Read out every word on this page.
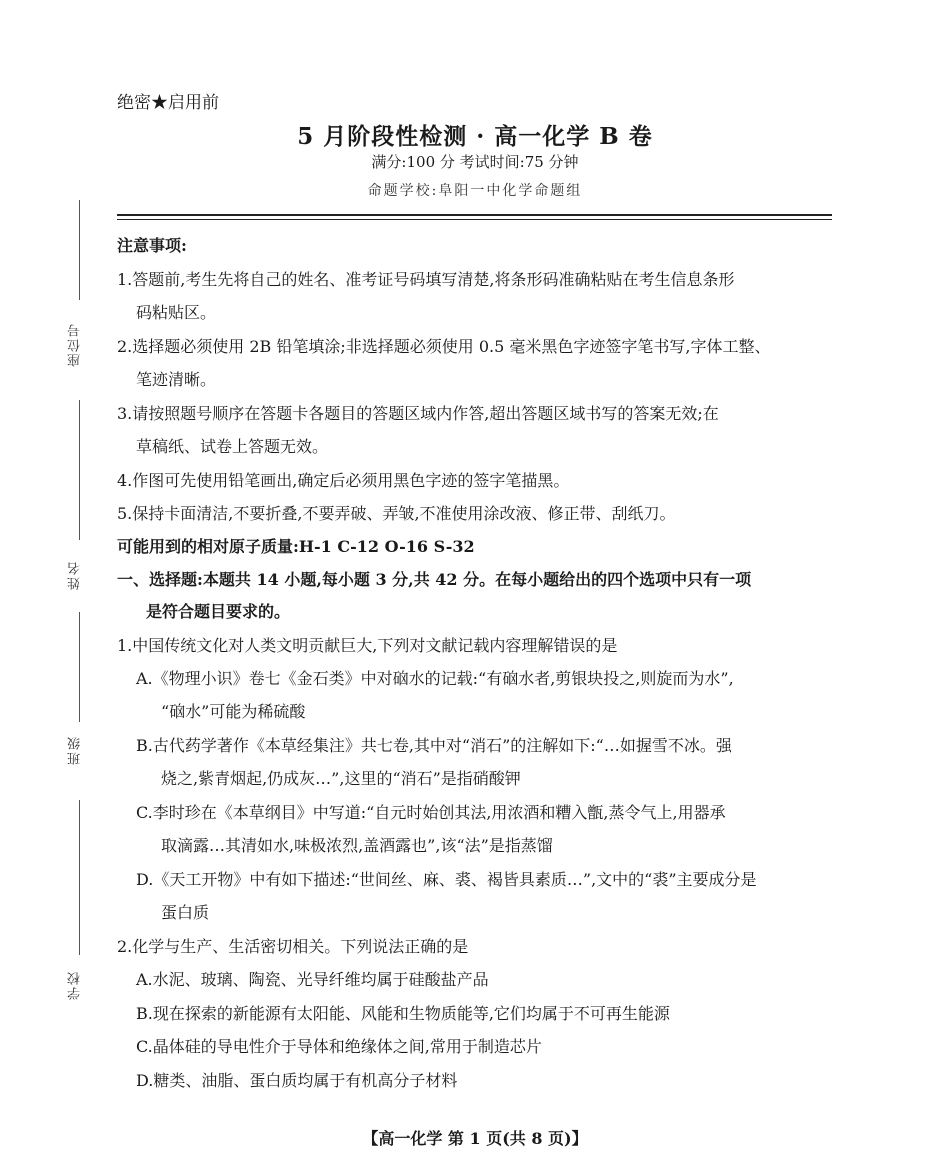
绝密★启用前
5 月阶段性检测 · 高一化学 B 卷
满分:100 分 考试时间:75 分钟
命题学校:阜阳一中化学命题组
座位号
姓名
班级
学校
注意事项:
1.答题前,考生先将自己的姓名、准考证号码填写清楚,将条形码准确粘贴在考生信息条形
码粘贴区。
2.选择题必须使用 2B 铅笔填涂;非选择题必须使用 0.5 毫米黑色字迹签字笔书写,字体工整、
笔迹清晰。
3.请按照题号顺序在答题卡各题目的答题区域内作答,超出答题区域书写的答案无效;在
草稿纸、试卷上答题无效。
4.作图可先使用铅笔画出,确定后必须用黑色字迹的签字笔描黑。
5.保持卡面清洁,不要折叠,不要弄破、弄皱,不准使用涂改液、修正带、刮纸刀。
可能用到的相对原子质量:H-1 C-12 O-16 S-32
一、选择题:本题共 14 小题,每小题 3 分,共 42 分。在每小题给出的四个选项中只有一项
是符合题目要求的。
1.中国传统文化对人类文明贡献巨大,下列对文献记载内容理解错误的是
A.《物理小识》卷七《金石类》中对硇水的记载:“有硇水者,剪银块投之,则旋而为水”,
“硇水”可能为稀硫酸
B.古代药学著作《本草经集注》共七卷,其中对“消石”的注解如下:“…如握雪不冰。强
烧之,紫青烟起,仍成灰…”,这里的“消石”是指硝酸钾
C.李时珍在《本草纲目》中写道:“自元时始创其法,用浓酒和糟入甑,蒸令气上,用器承
取滴露…其清如水,味极浓烈,盖酒露也”,该“法”是指蒸馏
D.《天工开物》中有如下描述:“世间丝、麻、裘、褐皆具素质…”,文中的“裘”主要成分是
蛋白质
2.化学与生产、生活密切相关。下列说法正确的是
A.水泥、玻璃、陶瓷、光导纤维均属于硅酸盐产品
B.现在探索的新能源有太阳能、风能和生物质能等,它们均属于不可再生能源
C.晶体硅的导电性介于导体和绝缘体之间,常用于制造芯片
D.糖类、油脂、蛋白质均属于有机高分子材料
【高一化学 第 1 页(共 8 页)】
